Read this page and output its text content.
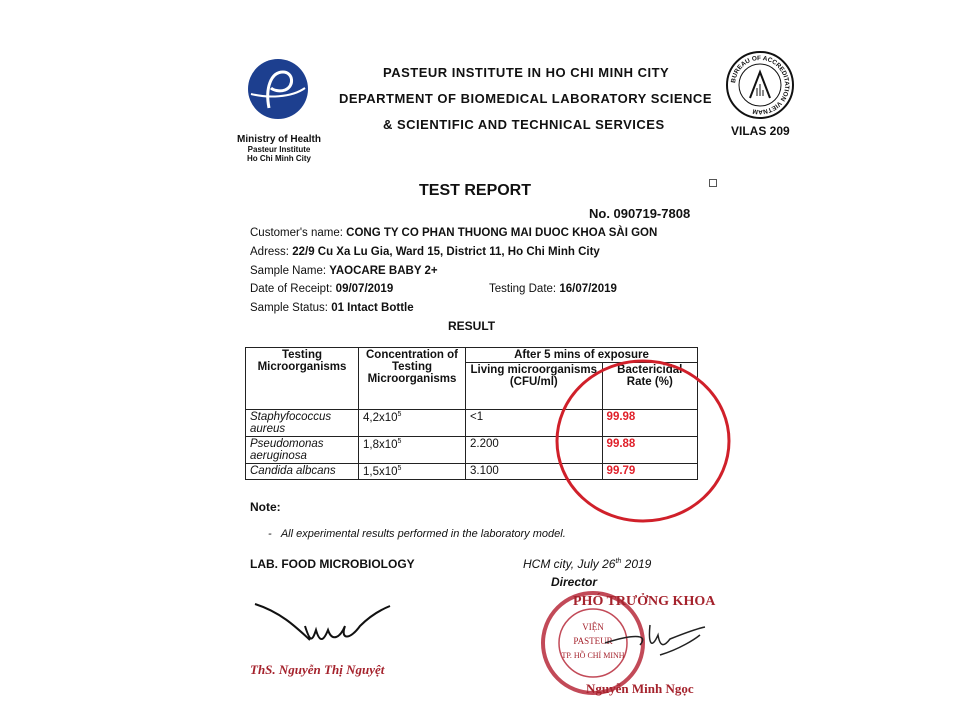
Ministry of Health
Pasteur Institute
Ho Chi Minh City
PASTEUR INSTITUTE IN HO CHI MINH CITY
DEPARTMENT OF BIOMEDICAL LABORATORY SCIENCE
& SCIENTIFIC AND TECHNICAL SERVICES
BUREAU OF ACCREDITATION VIETNAM
VILAS 209
TEST REPORT
No. 090719-7808
Customer's name: CONG TY CO PHAN THUONG MAI DUOC KHOA SÀI GON
Adress: 22/9 Cu Xa Lu Gia, Ward 15, District 11, Ho Chi Minh City
Sample Name: YAOCARE BABY 2+
Date of Receipt: 09/07/2019	Testing Date: 16/07/2019
Sample Status: 01 Intact Bottle
RESULT
Testing Microorganisms	Concentration of Testing Microorganisms	After 5 mins of exposure	
		Living microorganisms (CFU/ml)	Bactericidal Rate (%)
Staphyfococcus aureus	$4,2x10^5$	<1	99.98
Pseudomonas aeruginosa	$1,8x10^5$	2.200	99.88
Candida albcans	$1,5x10^5$	3.100	99.79
Note:
-   All experimental results performed in the laboratory model.
LAB. FOOD MICROBIOLOGY	HCM city, July 26th 2019
Director
ThS. Nguyễn Thị Nguyệt
VIỆN
PASTEUR
TP. HỒ CHÍ MINH
PHÓ TRƯỞNG KHOA
Nguyễn Minh Ngọc
